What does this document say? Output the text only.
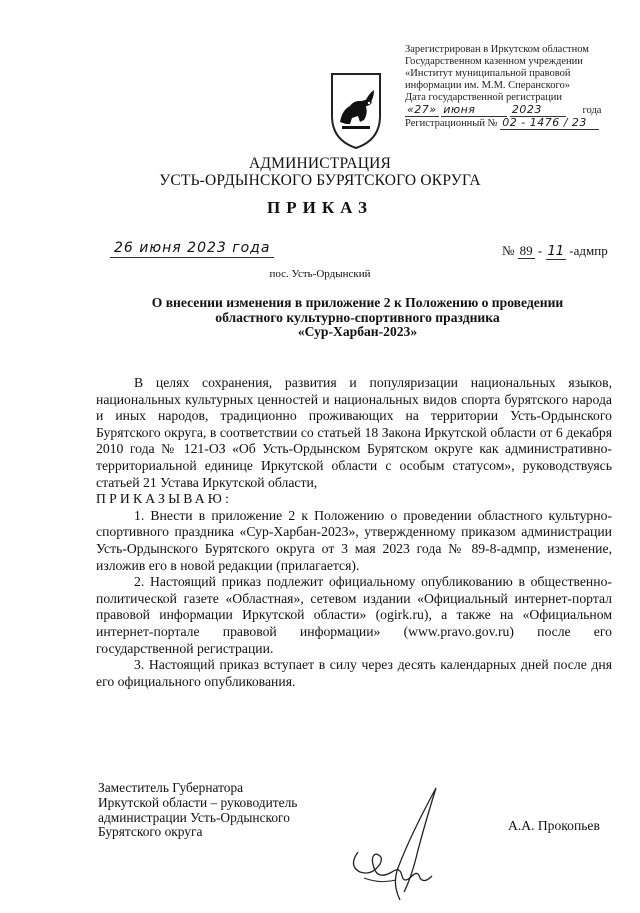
Зарегистрирован в Иркутском областном
Государственном казенном учреждении
«Институт муниципальной правовой
информации им. М.М. Сперанского»
Дата государственной регистрации
«27» июня	2023	года
Регистрационный № 02 - 1476 / 23
АДМИНИСТРАЦИЯ
УСТЬ-ОРДЫНСКОГО БУРЯТСКОГО ОКРУГА
ПРИКАЗ
26 июня 2023 года	№ 89 - 11 -адмпр
пос. Усть-Ордынский
О внесении изменения в приложение 2 к Положению о проведении
областного культурно-спортивного праздника
«Сур-Харбан-2023»

В целях сохранения, развития и популяризации национальных языков, национальных культурных ценностей и национальных видов спорта бурятского народа и иных народов, традиционно проживающих на территории Усть-Ордынского Бурятского округа, в соответствии со статьей 18 Закона Иркутской области от 6 декабря 2010 года № 121-ОЗ «Об Усть-Ордынском Бурятском округе как административно-территориальной единице Иркутской области с особым статусом», руководствуясь статьей 21 Устава Иркутской области,

ПРИКАЗЫВАЮ:

1. Внести в приложение 2 к Положению о проведении областного культурно-спортивного праздника «Сур-Харбан-2023», утвержденному приказом администрации Усть-Ордынского Бурятского округа от 3 мая 2023 года № 89-8-адмпр, изменение, изложив его в новой редакции (прилагается).

2. Настоящий приказ подлежит официальному опубликованию в общественно-политической газете «Областная», сетевом издании «Официальный интернет-портал правовой информации Иркутской области» (ogirk.ru), а также на «Официальном интернет-портале правовой информации» (www.pravo.gov.ru) после его государственной регистрации.

3. Настоящий приказ вступает в силу через десять календарных дней после дня его официального опубликования.

Заместитель Губернатора
Иркутской области – руководитель
администрации Усть-Ордынского
Бурятского округа	А.А. Прокопьев
